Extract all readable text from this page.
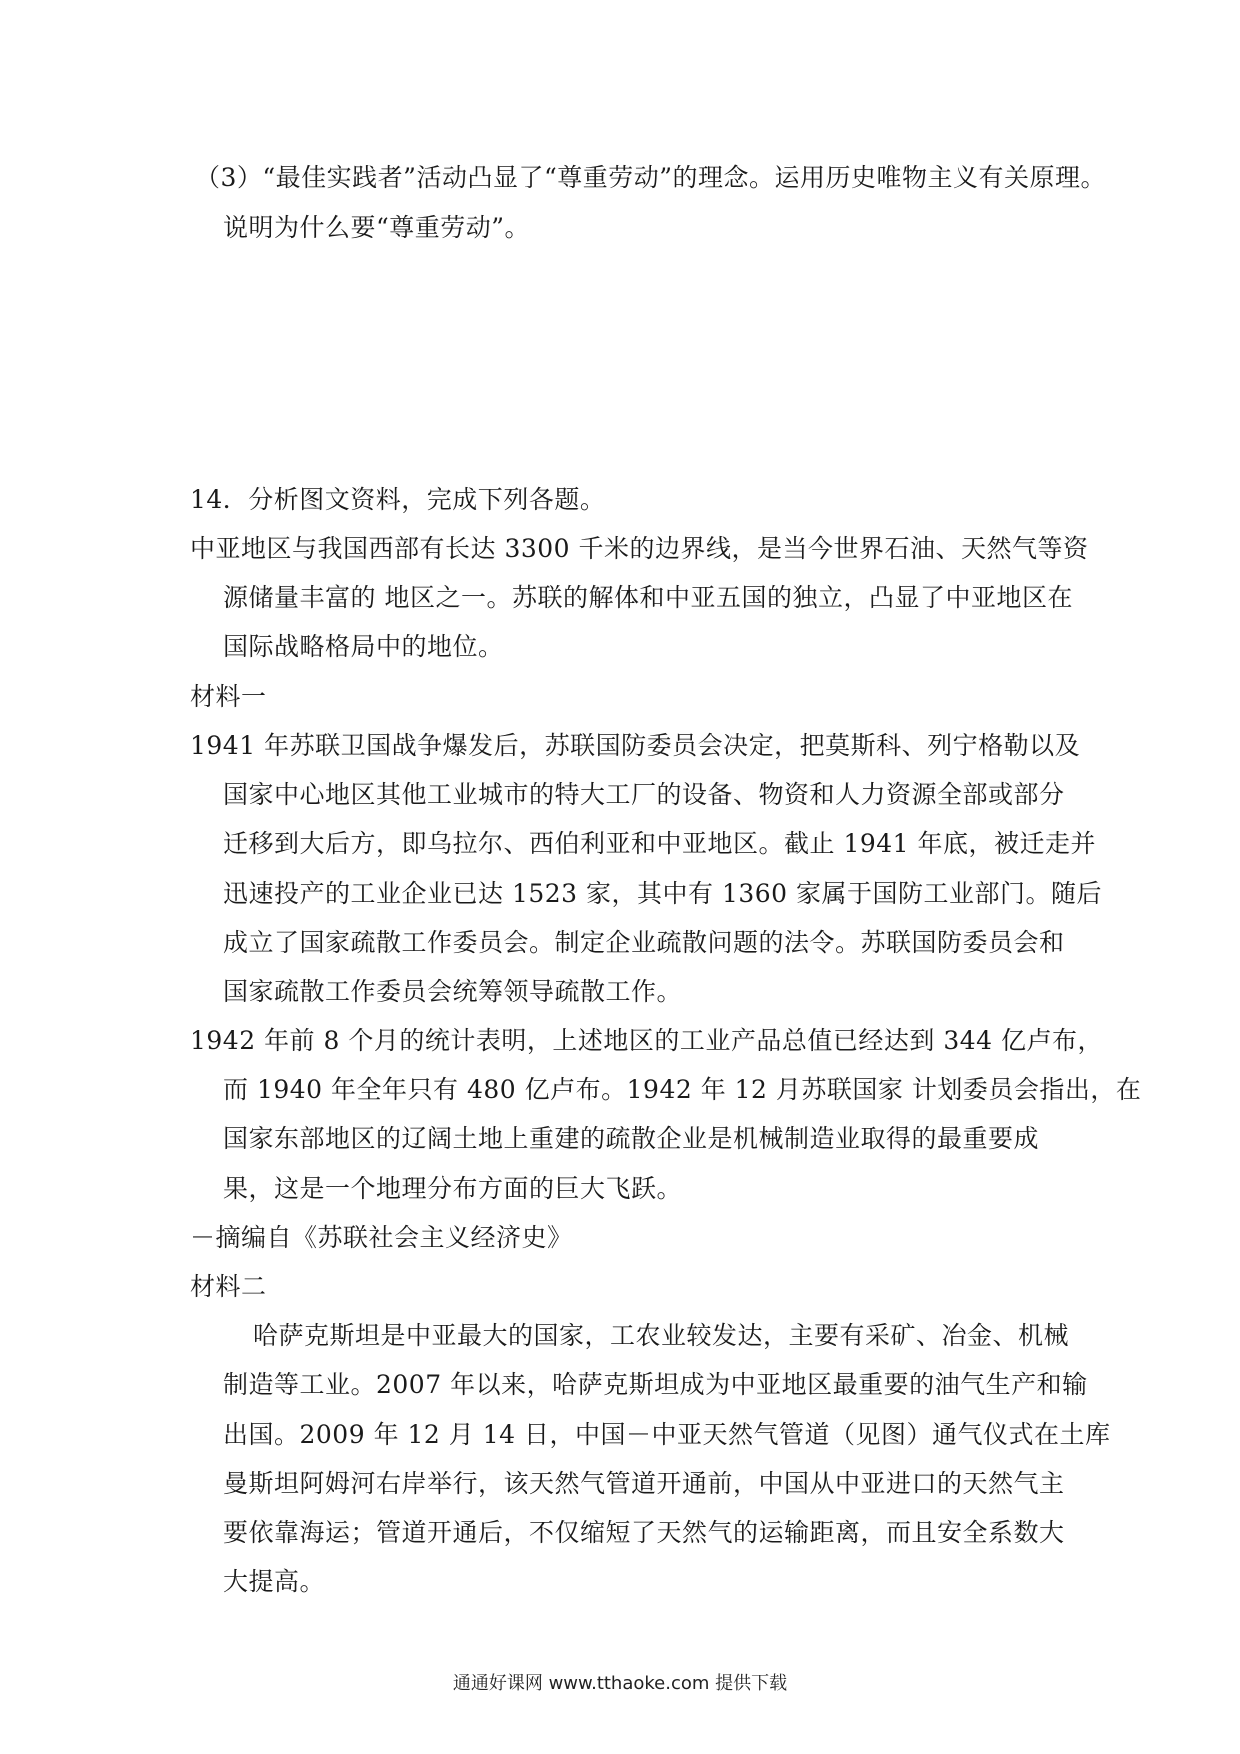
（3）“最佳实践者”活动凸显了“尊重劳动”的理念。运用历史唯物主义有关原理。
说明为什么要“尊重劳动”。
14．分析图文资料，完成下列各题。
中亚地区与我国西部有长达 3300 千米的边界线，是当今世界石油、天然气等资
源储量丰富的 地区之一。苏联的解体和中亚五国的独立，凸显了中亚地区在
国际战略格局中的地位。
材料一
1941 年苏联卫国战争爆发后，苏联国防委员会决定，把莫斯科、列宁格勒以及
国家中心地区其他工业城市的特大工厂的设备、物资和人力资源全部或部分
迁移到大后方，即乌拉尔、西伯利亚和中亚地区。截止 1941 年底，被迁走并
迅速投产的工业企业已达 1523 家，其中有 1360 家属于国防工业部门。随后
成立了国家疏散工作委员会。制定企业疏散问题的法令。苏联国防委员会和
国家疏散工作委员会统筹领导疏散工作。
1942 年前 8 个月的统计表明，上述地区的工业产品总值已经达到 344 亿卢布，
而 1940 年全年只有 480 亿卢布。1942 年 12 月苏联国家 计划委员会指出，在
国家东部地区的辽阔土地上重建的疏散企业是机械制造业取得的最重要成
果，这是一个地理分布方面的巨大飞跃。
－摘编自《苏联社会主义经济史》
材料二
哈萨克斯坦是中亚最大的国家，工农业较发达，主要有采矿、冶金、机械
制造等工业。2007 年以来，哈萨克斯坦成为中亚地区最重要的油气生产和输
出国。2009 年 12 月 14 日，中国－中亚天然气管道（见图）通气仪式在土库
曼斯坦阿姆河右岸举行，该天然气管道开通前，中国从中亚进口的天然气主
要依靠海运；管道开通后，不仅缩短了天然气的运输距离，而且安全系数大
大提高。
通通好课网 www.tthaoke.com 提供下载
